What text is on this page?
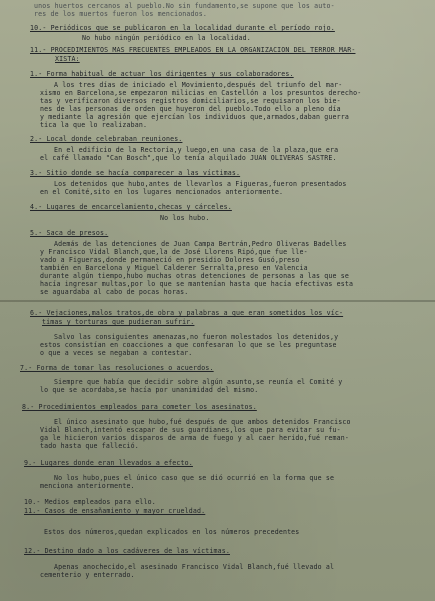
unos huertos cercanos al pueblo.No sin fundamento,se supone que los auto-
res de los muertos fueron los mencionados.
10.- Periódicos que se publicaron en la localidad durante el período rojo.
No hubo ningún periódico en la localidad.
11.- PROCEDIMIENTOS MAS FRECUENTES EMPLEADOS EN LA ORGANIZACION DEL TERROR MAR-
XISTA:
1.- Forma habitual de actuar los dirigentes y sus colaboradores.
A los tres días de iniciado el Movimiento,después del triunfo del mar-
xismo en Barcelona,se empezaron milicias en Castellón a los presuntos derecho-
tas y verificaron diversos registros domiciliarios,se requisaron los bie-
nes de las personas de orden que huyeron del pueblo.Todo ello a pleno día
y mediante la agresión que ejercían los individuos que,armados,daban guerra
tica la que lo realizaban.
2.- Local donde celebraban reuniones.
En el edificio de la Rectoría,y luego,en una casa de la plaza,que era
el café llamado "Can Bosch",que lo tenía alquilado JUAN OLIVERAS SASTRE.
3.- Sitio donde se hacía comparecer a las víctimas.
Los detenidos que hubo,antes de llevarlos a Figueras,fueron presentados
en el Comité,sito en los lugares mencionados anteriormente.
4.- Lugares de encarcelamiento,checas y cárceles.
No los hubo.
5.- Saca de presos.
Además de las detenciones de Juan Campa Bertrán,Pedro Oliveras Badelles
y Francisco Vidal Blanch,que,la de José Llorens Ripó,que fue lle-
vado a Figueras,donde permaneció en presidio Dolores Gusó,preso
también en Barcelona y Miguel Calderer Serralta,preso en Valencia
durante algún tiempo,hubo muchas otras detenciones de personas a las que se
hacía ingresar multas,por lo que se mantenían hasta que hacía efectivas esta
se aguardaba al cabo de pocas horas.
6.- Vejaciones,malos tratos,de obra y palabras a que eran sometidos los víc-
timas y torturas que pudieran sufrir.
Salvo las consiguientes amenazas,no fueron molestados los detenidos,y
estos consistían en coacciones a que confesaran lo que se les preguntase
o que a veces se negaban a contestar.
7.- Forma de tomar las resoluciones o acuerdos.
Siempre que había que decidir sobre algún asunto,se reunía el Comité y
lo que se acordaba,se hacía por unanimidad del mismo.
8.- Procedimientos empleados para cometer los asesinatos.
El único asesinato que hubo,fué después de que ambos detenidos Francisco
Vidal Blanch,intentó escapar de sus guardianes,los que para evitar su fu-
ga le hicieron varios disparos de arma de fuego y al caer herido,fué reman-
tado hasta que falleció.
9.- Lugares donde eran llevados a efecto.
No los hubo,pues el único caso que se dió ocurrió en la forma que se
menciona anteriormente.
10.- Medios empleados para ello.
11.- Casos de ensañamiento y mayor crueldad.
Estos dos números,quedan explicados en los números precedentes
12.- Destino dado a los cadáveres de las víctimas.
Apenas anochecido,el asesinado Francisco Vidal Blanch,fué llevado al
cementerio y enterrado.
